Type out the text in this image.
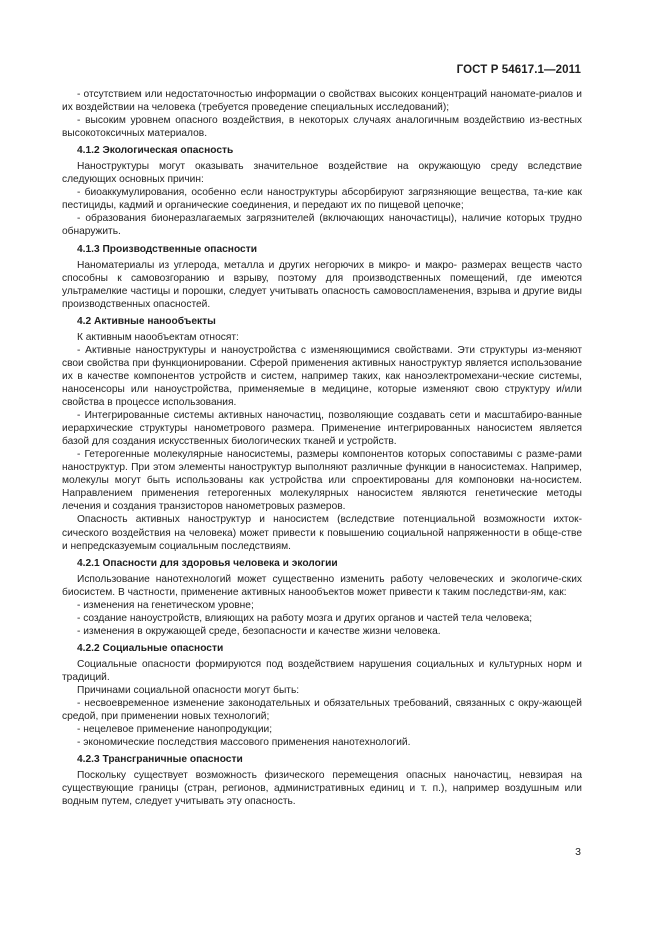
ГОСТ Р 54617.1—2011

- отсутствием или недостаточностью информации о свойствах высоких концентраций наномате-риалов и их воздействии на человека (требуется проведение специальных исследований);

- высоким уровнем опасного воздействия, в некоторых случаях аналогичным воздействию из-вестных высокотоксичных материалов.

4.1.2 Экологическая опасность

Наноструктуры могут оказывать значительное воздействие на окружающую среду вследствие следующих основных причин:

- биоаккумулирования, особенно если наноструктуры абсорбируют загрязняющие вещества, та-кие как пестициды, кадмий и органические соединения, и передают их по пищевой цепочке;

- образования бионеразлагаемых загрязнителей (включающих наночастицы), наличие которых трудно обнаружить.

4.1.3 Производственные опасности

Наноматериалы из углерода, металла и других негорючих в микро- и макро- размерах веществ часто способны к самовозгоранию и взрыву, поэтому для производственных помещений, где имеются ультрамелкие частицы и порошки, следует учитывать опасность самовоспламенения, взрыва и другие виды производственных опасностей.

4.2 Активные нанообъекты

К активным наообъектам относят:

- Активные наноструктуры и наноустройства с изменяющимися свойствами. Эти структуры из-меняют свои свойства при функционировании. Сферой применения активных наноструктур является использование их в качестве компонентов устройств и систем, например таких, как наноэлектромехани-ческие системы, наносенсоры или наноустройства, применяемые в медицине, которые изменяют свою структуру и/или свойства в процессе использования.

- Интегрированные системы активных наночастиц, позволяющие создавать сети и масштабиро-ванные иерархические структуры нанометрового размера. Применение интегрированных наносистем является базой для создания искусственных биологических тканей и устройств.

- Гетерогенные молекулярные наносистемы, размеры компонентов которых сопоставимы с разме-рами наноструктур. При этом элементы наноструктур выполняют различные функции в наносистемах. Например, молекулы могут быть использованы как устройства или спроектированы для компоновки на-носистем. Направлением применения гетерогенных молекулярных наносистем являются генетические методы лечения и создания транзисторов нанометровых размеров.

Опасность активных наноструктур и наносистем (вследствие потенциальной возможности ихток-сического воздействия на человека) может привести к повышению социальной напряженности в обще-стве и непредсказуемым социальным последствиям.

4.2.1 Опасности для здоровья человека и экологии

Использование нанотехнологий может существенно изменить работу человеческих и экологиче-ских биосистем. В частности, применение активных нанообъектов может привести к таким последстви-ям, как:

- изменения на генетическом уровне;

- создание наноустройств, влияющих на работу мозга и других органов и частей тела человека;

- изменения в окружающей среде, безопасности и качестве жизни человека.

4.2.2 Социальные опасности

Социальные опасности формируются под воздействием нарушения социальных и культурных норм и традиций.

Причинами социальной опасности могут быть:

- несвоевременное изменение законодательных и обязательных требований, связанных с окру-жающей средой, при применении новых технологий;

- нецелевое применение нанопродукции;

- экономические последствия массового применения нанотехнологий.

4.2.3 Трансграничные опасности

Поскольку существует возможность физического перемещения опасных наночастиц, невзирая на существующие границы (стран, регионов, административных единиц и т. п.), например воздушным или водным путем, следует учитывать эту опасность.

3
